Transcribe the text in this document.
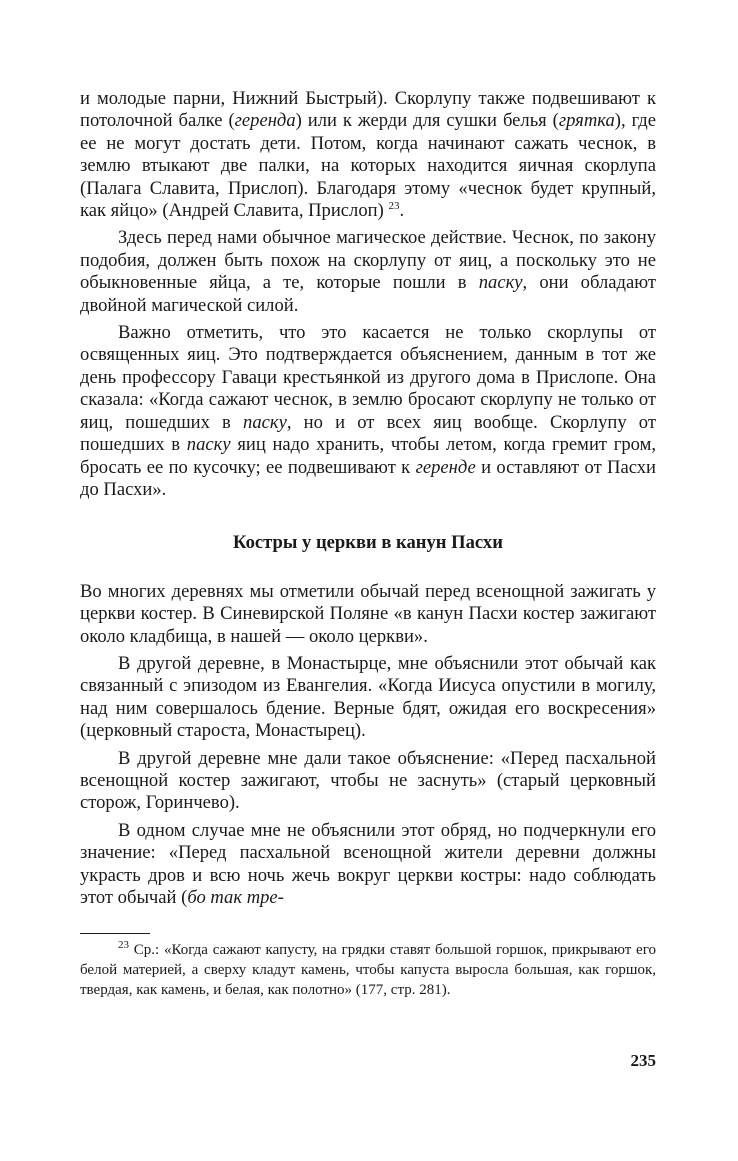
и молодые парни, Нижний Быстрый). Скорлупу также подвешивают к потолочной балке (геренда) или к жерди для сушки белья (грятка), где ее не могут достать дети. Потом, когда начинают сажать чеснок, в землю втыкают две палки, на которых находится яичная скорлупа (Палага Славита, Прислоп). Благодаря этому «чеснок будет крупный, как яйцо» (Андрей Славита, Прислоп) $^{23}$.

Здесь перед нами обычное магическое действие. Чеснок, по закону подобия, должен быть похож на скорлупу от яиц, а поскольку это не обыкновенные яйца, а те, которые пошли в паску, они обладают двойной магической силой.

Важно отметить, что это касается не только скорлупы от освященных яиц. Это подтверждается объяснением, данным в тот же день профессору Гаваци крестьянкой из другого дома в Прислопе. Она сказала: «Когда сажают чеснок, в землю бросают скорлупу не только от яиц, пошедших в паску, но и от всех яиц вообще. Скорлупу от пошедших в паску яиц надо хранить, чтобы летом, когда гремит гром, бросать ее по кусочку; ее подвешивают к геренде и оставляют от Пасхи до Пасхи».

Костры у церкви в канун Пасхи

Во многих деревнях мы отметили обычай перед всенощной зажигать у церкви костер. В Синевирской Поляне «в канун Пасхи костер зажигают около кладбища, в нашей — около церкви».

В другой деревне, в Монастырце, мне объяснили этот обычай как связанный с эпизодом из Евангелия. «Когда Иисуса опустили в могилу, над ним совершалось бдение. Верные бдят, ожидая его воскресения» (церковный староста, Монастырец).

В другой деревне мне дали такое объяснение: «Перед пасхальной всенощной костер зажигают, чтобы не заснуть» (старый церковный сторож, Горинчево).

В одном случае мне не объяснили этот обряд, но подчеркнули его значение: «Перед пасхальной всенощной жители деревни должны украсть дров и всю ночь жечь вокруг церкви костры: надо соблюдать этот обычай (бо так тре-

$^{23}$ Ср.: «Когда сажают капусту, на грядки ставят большой горшок, прикрывают его белой материей, а сверху кладут камень, чтобы капуста выросла большая, как горшок, твердая, как камень, и белая, как полотно» (177, стр. 281).

235
